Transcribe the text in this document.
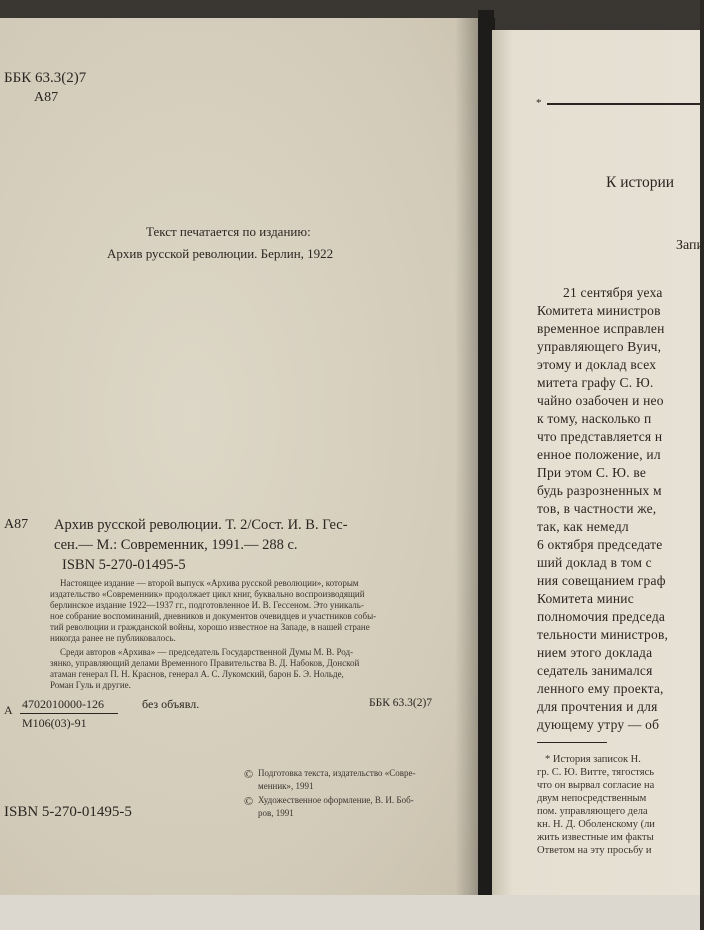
ББК 63.3(2)7
А87
Текст печатается по изданию:
Архив русской революции. Берлин, 1922
А87 Архив русской революции. Т. 2/Сост. И. В. Гес-
сен.— М.: Современник, 1991.— 288 с.
ISBN 5-270-01495-5
Настоящее издание — второй выпуск «Архива русской революции», которым
издательство «Современник» продолжает цикл книг, буквально воспроизводящий
берлинское издание 1922—1937 гг., подготовленное И. В. Гессеном. Это уникаль-
ное собрание воспоминаний, дневников и документов очевидцев и участников собы-
тий революции и гражданской войны, хорошо известное на Западе, в нашей стране
никогда ранее не публиковалось.
Среди авторов «Архива» — председатель Государственной Думы М. В. Род-
зянко, управляющий делами Временного Правительства В. Д. Набоков, Донской
атаман генерал П. Н. Краснов, генерал А. С. Лукомский, барон Б. Э. Нольде,
Роман Гуль и другие.
А 4702010000-126
М106(03)-91
без объявл.	ББК 63.3(2)7
ISBN 5-270-01495-5
© Подготовка текста, издательство «Совре-
менник», 1991
© Художественное оформление, В. И. Боб-
ров, 1991
*
К истории
Запи
21 сентября уеха
Комитета министров
временное исправлен
управляющего Вуич,
этому и доклад всех
митета графу С. Ю.
чайно озабочен и нео
к тому, насколько п
что представляется н
енное положение, ил
При этом С. Ю. ве
будь разрозненных м
тов, в частности же,
так, как немедл
6 октября председате
ший доклад в том с
ния совещанием граф
Комитета минис
полномочия председа
тельности министров,
нием этого доклада
седатель занимался
ленного ему проекта,
для прочтения и для
дующему утру — об
* История записок Н.
гр. С. Ю. Витте, тягостясь
что он вырвал согласие на
двум непосредственным
пом. управляющего дела
кн. Н. Д. Оболенскому (ли
жить известные им факты
Ответом на эту просьбу и
